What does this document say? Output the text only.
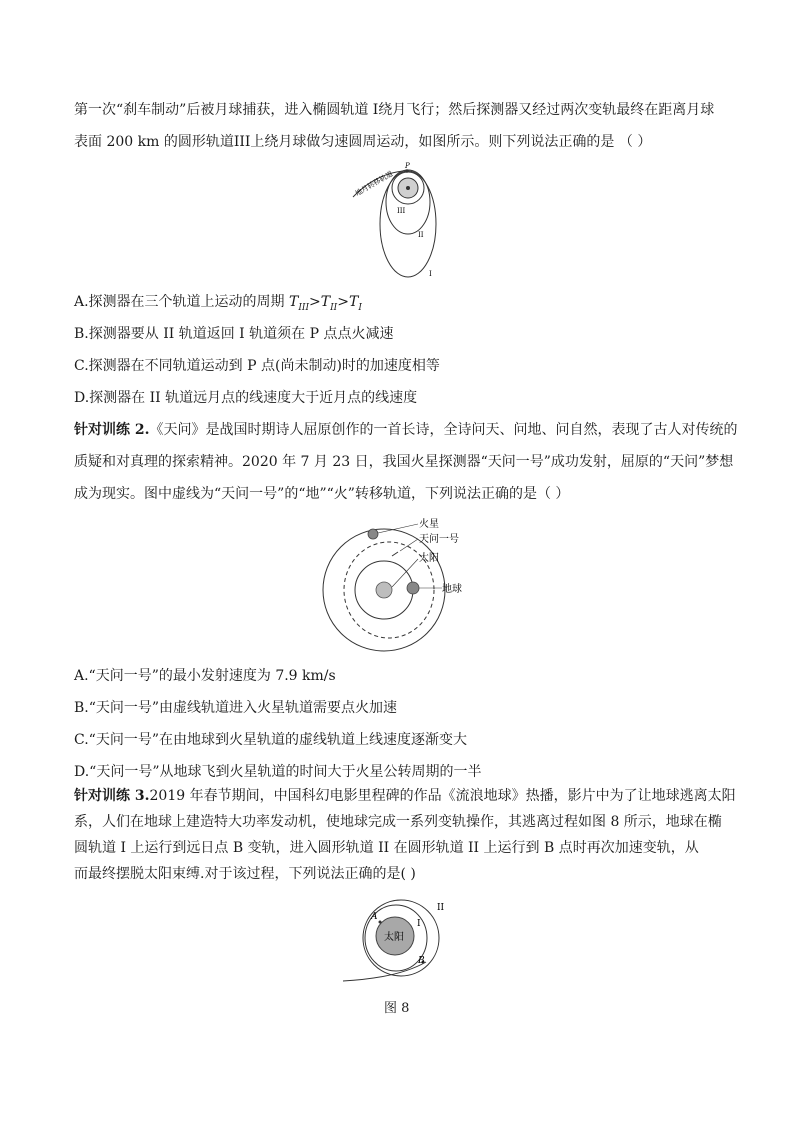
第一次“刹车制动”后被月球捕获，进入椭圆轨道 I绕月飞行；然后探测器又经过两次变轨最终在距离月球
表面 200 km 的圆形轨道III上绕月球做匀速圆周运动，如图所示。则下列说法正确的是 （ ）
P
地月转移轨道
III
II
I
A.探测器在三个轨道上运动的周期 $T_{III}>T_{II}>T_I$
B.探测器要从 II 轨道返回 I 轨道须在 P 点点火减速
C.探测器在不同轨道运动到 P 点(尚未制动)时的加速度相等
D.探测器在 II 轨道远月点的线速度大于近月点的线速度
针对训练 2.《天问》是战国时期诗人屈原创作的一首长诗，全诗问天、问地、问自然，表现了古人对传统的
质疑和对真理的探索精神。2020 年 7 月 23 日，我国火星探测器“天问一号”成功发射，屈原的“天问”梦想
成为现实。图中虚线为“天问一号”的“地”“火”转移轨道，下列说法正确的是（ ）
火星
天问一号
太阳
地球
A.“天问一号”的最小发射速度为 7.9 km/s
B.“天问一号”由虚线轨道进入火星轨道需要点火加速
C.“天问一号”在由地球到火星轨道的虚线轨道上线速度逐渐变大
D.“天问一号”从地球飞到火星轨道的时间大于火星公转周期的一半
针对训练 3.2019 年春节期间，中国科幻电影里程碑的作品《流浪地球》热播，影片中为了让地球逃离太阳
系，人们在地球上建造特大功率发动机，使地球完成一系列变轨操作，其逃离过程如图 8 所示，地球在椭
圆轨道 I 上运行到远日点 B 变轨，进入圆形轨道 II 在圆形轨道 II 上运行到 B 点时再次加速变轨，从
而最终摆脱太阳束缚.对于该过程，下列说法正确的是( )
太阳
A
B
I
II
图 8
